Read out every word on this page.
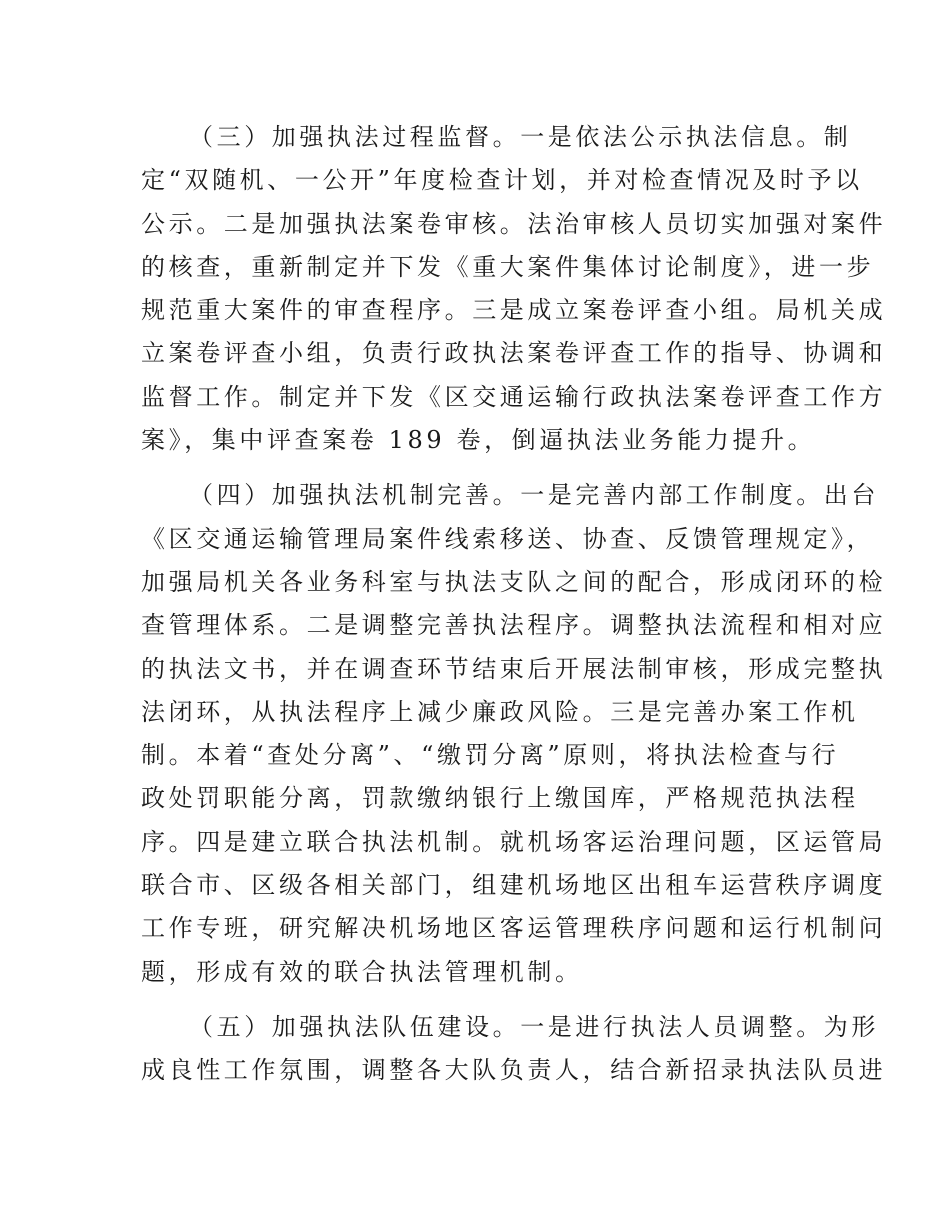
（三）加强执法过程监督。一是依法公示执法信息。制
定“双随机、一公开”年度检查计划，并对检查情况及时予以
公示。二是加强执法案卷审核。法治审核人员切实加强对案件
的核查，重新制定并下发《重大案件集体讨论制度》，进一步
规范重大案件的审查程序。三是成立案卷评查小组。局机关成
立案卷评查小组，负责行政执法案卷评查工作的指导、协调和
监督工作。制定并下发《区交通运输行政执法案卷评查工作方
案》，集中评查案卷 189 卷，倒逼执法业务能力提升。
（四）加强执法机制完善。一是完善内部工作制度。出台
《区交通运输管理局案件线索移送、协查、反馈管理规定》，
加强局机关各业务科室与执法支队之间的配合，形成闭环的检
查管理体系。二是调整完善执法程序。调整执法流程和相对应
的执法文书，并在调查环节结束后开展法制审核，形成完整执
法闭环，从执法程序上减少廉政风险。三是完善办案工作机
制。本着“查处分离”、“缴罚分离”原则，将执法检查与行
政处罚职能分离，罚款缴纳银行上缴国库，严格规范执法程
序。四是建立联合执法机制。就机场客运治理问题，区运管局
联合市、区级各相关部门，组建机场地区出租车运营秩序调度
工作专班，研究解决机场地区客运管理秩序问题和运行机制问
题，形成有效的联合执法管理机制。
（五）加强执法队伍建设。一是进行执法人员调整。为形
成良性工作氛围，调整各大队负责人，结合新招录执法队员进
